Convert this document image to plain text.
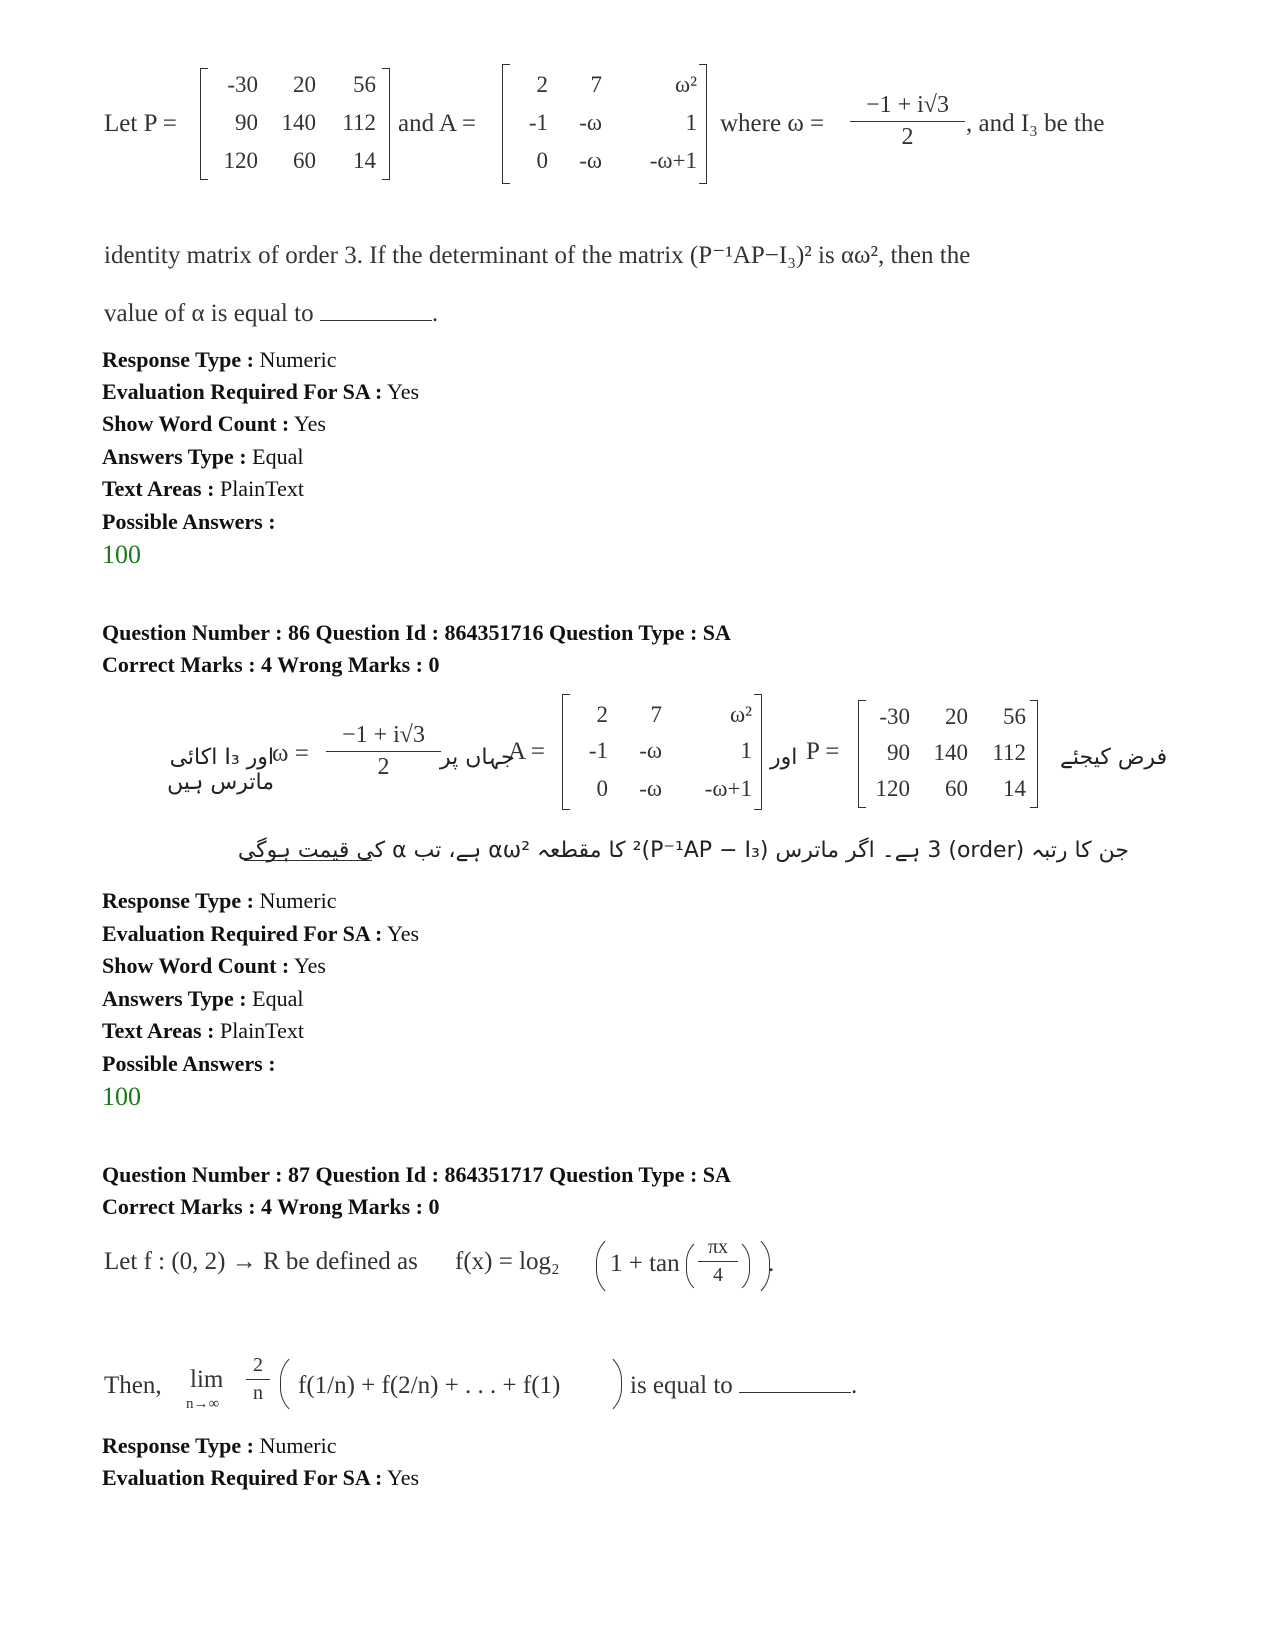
Let P =
-30	20	56
90 140 112
120	60	14
and A =
2	7	ω²
-1	-ω	1
0	-ω	-ω+1
where ω =
−1 + i√3
2	, and I₃ be the
identity matrix of order 3. If the determinant of the matrix (P⁻¹AP−I₃)² is αω², then the
value of α is equal to	.
Response Type : Numeric
Evaluation Required For SA : Yes
Show Word Count : Yes
Answers Type : Equal
Text Areas : PlainText
Possible Answers :
100
Question Number : 86 Question Id : 864351716 Question Type : SA
Correct Marks : 4 Wrong Marks : 0
فرض کیجئے
-30	20	56
90	140	112
120	60	14
P =
اور
2	7	ω²
-1	-ω	1
0	-ω	-ω+1
A =
جہاں پر
−1 + i√3
2
ω =
اور I₃ اکائی ماترس ہیں
جن کا رتبہ (order) 3 ہے۔ اگر ماترس (P⁻¹AP − I₃)² کا مقطعہ αω² ہے، تب α کی قیمت ہوگی
Response Type : Numeric
Evaluation Required For SA : Yes
Show Word Count : Yes
Answers Type : Equal
Text Areas : PlainText
Possible Answers :
100
Question Number : 87 Question Id : 864351717 Question Type : SA
Correct Marks : 4 Wrong Marks : 0
Let f : (0, 2) → R be defined as f(x) = log₂ 1 + tan
πx
4	.
Then, lim
n→∞
2
n f(1/n) + f(2/n) + . . . + f(1)	is equal to	.
Response Type : Numeric
Evaluation Required For SA : Yes
